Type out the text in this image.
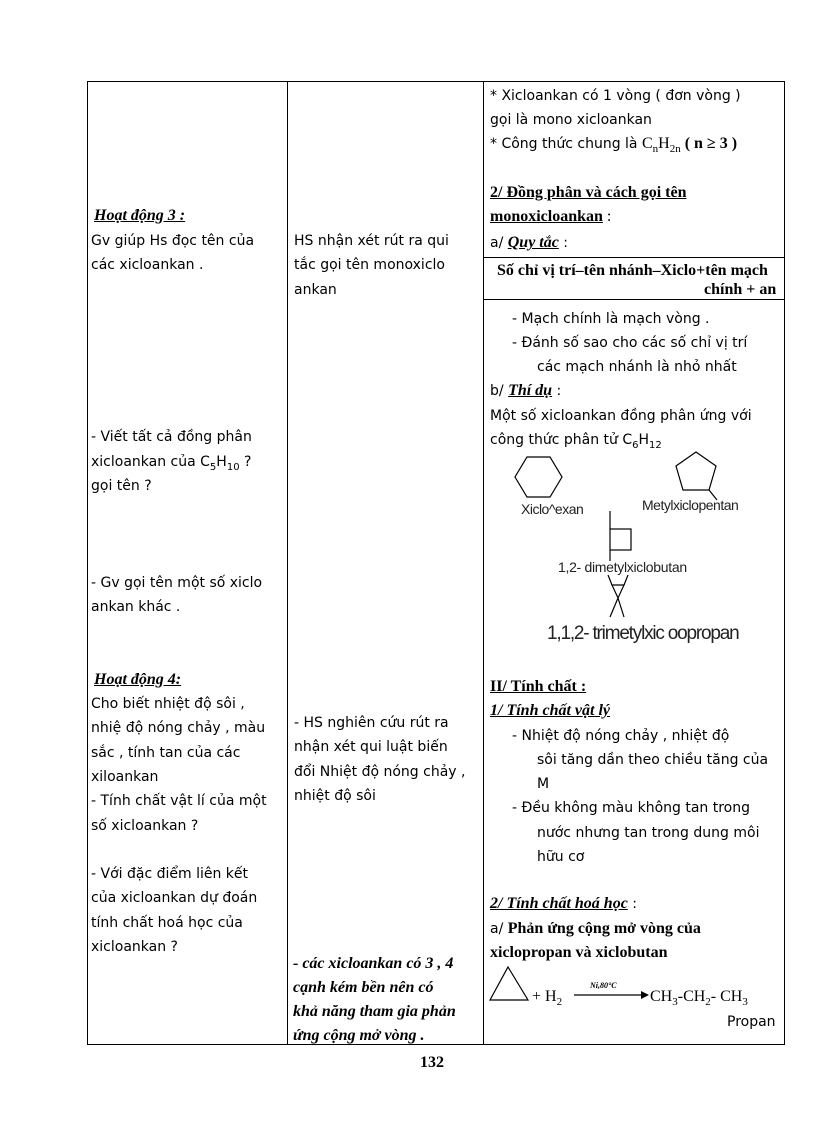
Hoạt động 3 :
Gv giúp Hs đọc tên của
các xicloankan .
- Viết tất cả đồng phân
xicloankan của $C_5H_{10}$ ?
gọi tên ?
- Gv gọi tên một số xiclo
ankan khác .
Hoạt động 4:
Cho biết nhiệt độ sôi ,
nhiệ độ nóng chảy , màu
sắc , tính tan của các
xiloankan
- Tính chất vật lí của một
số xicloankan ?
- Với đặc điểm liên kết
của xicloankan dự đoán
tính chất hoá học của
xicloankan ?
HS nhận xét rút ra qui
tắc gọi tên monoxiclo
ankan
- HS nghiên cứu rút ra
nhận xét qui luật biến
đổi Nhiệt độ nóng chảy ,
nhiệt độ sôi
- các xicloankan có 3 , 4
cạnh kém bền nên có
khả năng tham gia phản
ứng cộng mở vòng .
* Xicloankan có 1 vòng ( đơn vòng )
gọi là mono xicloankan
* Công thức chung là $C_nH_{2n}$ ( n ≥ 3 )
2/ Đồng phân và cách gọi tên
monoxicloankan :
a/ Quy tắc :
Số chỉ vị trí–tên nhánh–Xiclo+tên mạch
chính + an
- Mạch chính là mạch vòng .
- Đánh số sao cho các số chỉ vị trí
các mạch nhánh là nhỏ nhất
b/ Thí dụ :
Một số xicloankan đồng phân ứng với
công thức phân tử $C_6H_{12}$
Xiclo^exan	Metylxiclopentan
1,2- dimetylxiclobutan
1,1,2- trimetylxic oopropan
II/ Tính chất :
1/ Tính chất vật lý
- Nhiệt độ nóng chảy , nhiệt độ
sôi tăng dần theo chiều tăng của
M
- Đều không màu không tan trong
nước nhưng tan trong dung môi
hữu cơ
2/ Tính chất hoá học :
a/ Phản ứng cộng mở vòng của
xiclopropan và xiclobutan
+ $H_2$
Ni,80°C
$CH_3-CH_2-$ $CH_3$
Propan
132
